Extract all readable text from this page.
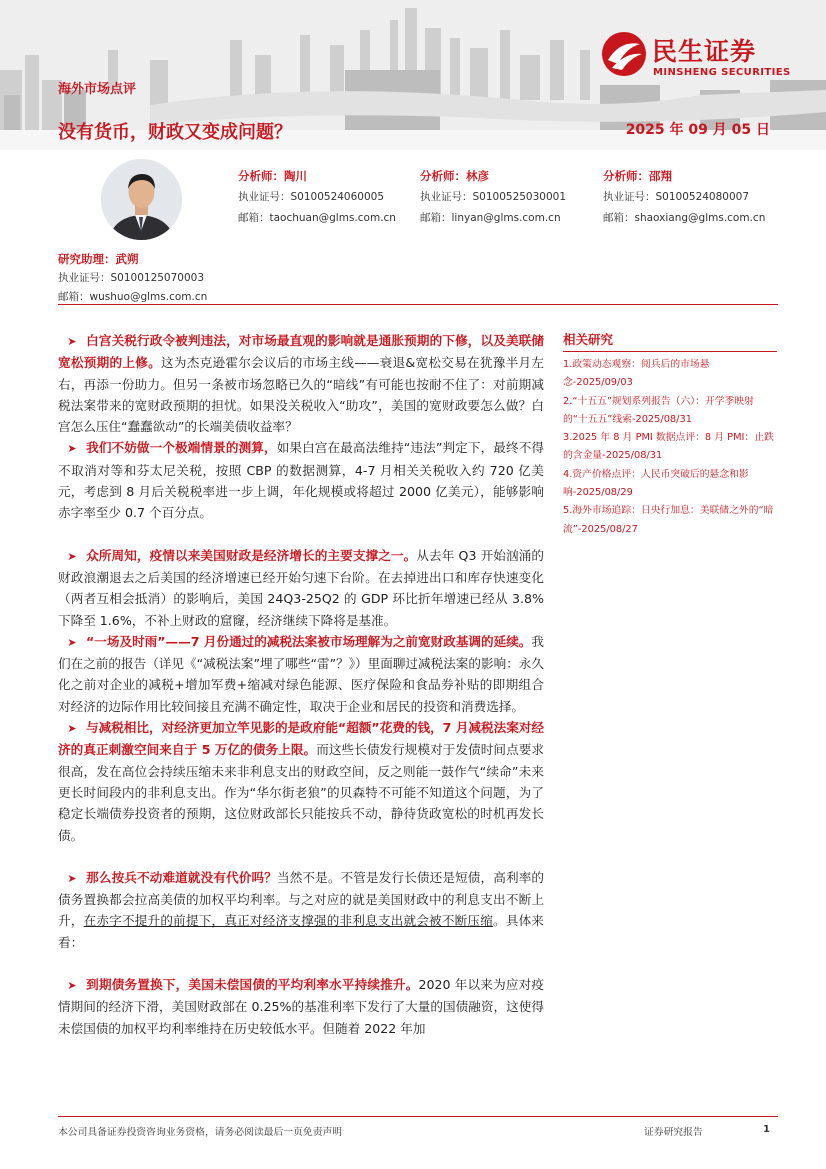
海外市场点评
没有货币，财政又变成问题？	2025 年 09 月 05 日
民生证券
MINSHENG SECURITIES
分析师：陶川
执业证号：S0100524060005
邮箱：taochuan@glms.com.cn
分析师：林彦
执业证号：S0100525030001
邮箱：linyan@glms.com.cn
分析师：邵翔
执业证号：S0100524080007
邮箱：shaoxiang@glms.com.cn
研究助理：武朔
执业证号：S0100125070003
邮箱：wushuo@glms.com.cn
➤ 白宫关税行政令被判违法，对市场最直观的影响就是通胀预期的下修，以及美联储宽松预期的上修。这为杰克逊霍尔会议后的市场主线——衰退&宽松交易在犹豫半月左右，再添一份助力。但另一条被市场忽略已久的“暗线”有可能也按耐不住了：对前期减税法案带来的宽财政预期的担忧。如果没关税收入“助攻”，美国的宽财政要怎么做？白宫怎么压住“蠢蠢欲动”的长端美债收益率？
➤ 我们不妨做一个极端情景的测算，如果白宫在最高法维持“违法”判定下，最终不得不取消对等和芬太尼关税，按照 CBP 的数据测算，4-7 月相关关税收入约 720 亿美元，考虑到 8 月后关税税率进一步上调，年化规模或将超过 2000 亿美元），能够影响赤字率至少 0.7 个百分点。
➤ 众所周知，疫情以来美国财政是经济增长的主要支撑之一。从去年 Q3 开始汹涌的财政浪潮退去之后美国的经济增速已经开始匀速下台阶。在去掉进出口和库存快速变化（两者互相会抵消）的影响后，美国 24Q3-25Q2 的 GDP 环比折年增速已经从 3.8%下降至 1.6%，不补上财政的窟窿，经济继续下降将是基准。
➤ “一场及时雨”——7 月份通过的减税法案被市场理解为之前宽财政基调的延续。我们在之前的报告（详见《“减税法案”埋了哪些“雷”？》）里面聊过减税法案的影响：永久化之前对企业的减税+增加军费+缩减对绿色能源、医疗保险和食品券补贴的即期组合对经济的边际作用比较间接且充满不确定性，取决于企业和居民的投资和消费选择。
➤ 与减税相比，对经济更加立竿见影的是政府能“超额”花费的钱，7 月减税法案对经济的真正刺激空间来自于 5 万亿的债务上限。而这些长债发行规模对于发债时间点要求很高，发在高位会持续压缩未来非利息支出的财政空间，反之则能一鼓作气“续命”未来更长时间段内的非利息支出。作为“华尔街老狼”的贝森特不可能不知道这个问题，为了稳定长端债券投资者的预期，这位财政部长只能按兵不动，静待货政宽松的时机再发长债。
➤ 那么按兵不动难道就没有代价吗？当然不是。不管是发行长债还是短债，高利率的债务置换都会拉高美债的加权平均利率。与之对应的就是美国财政中的利息支出不断上升，在赤字不提升的前提下，真正对经济支撑强的非利息支出就会被不断压缩。具体来看：
➤ 到期债务置换下，美国未偿国债的平均利率水平持续推升。2020 年以来为应对疫情期间的经济下滑，美国财政部在 0.25%的基准利率下发行了大量的国债融资，这使得未偿国债的加权平均利率维持在历史较低水平。但随着 2022 年加
相关研究
1.政策动态观察：阅兵后的市场悬念-2025/09/03
2.“十五五”规划系列报告（六）：开学季映射的“十五五”线索-2025/08/31
3.2025 年 8 月 PMI 数据点评：8 月 PMI：止跌的含金量-2025/08/31
4.资产价格点评：人民币突破后的悬念和影响-2025/08/29
5.海外市场追踪：日央行加息：美联储之外的“暗流”-2025/08/27
本公司具备证券投资咨询业务资格，请务必阅读最后一页免责声明	证券研究报告	1
